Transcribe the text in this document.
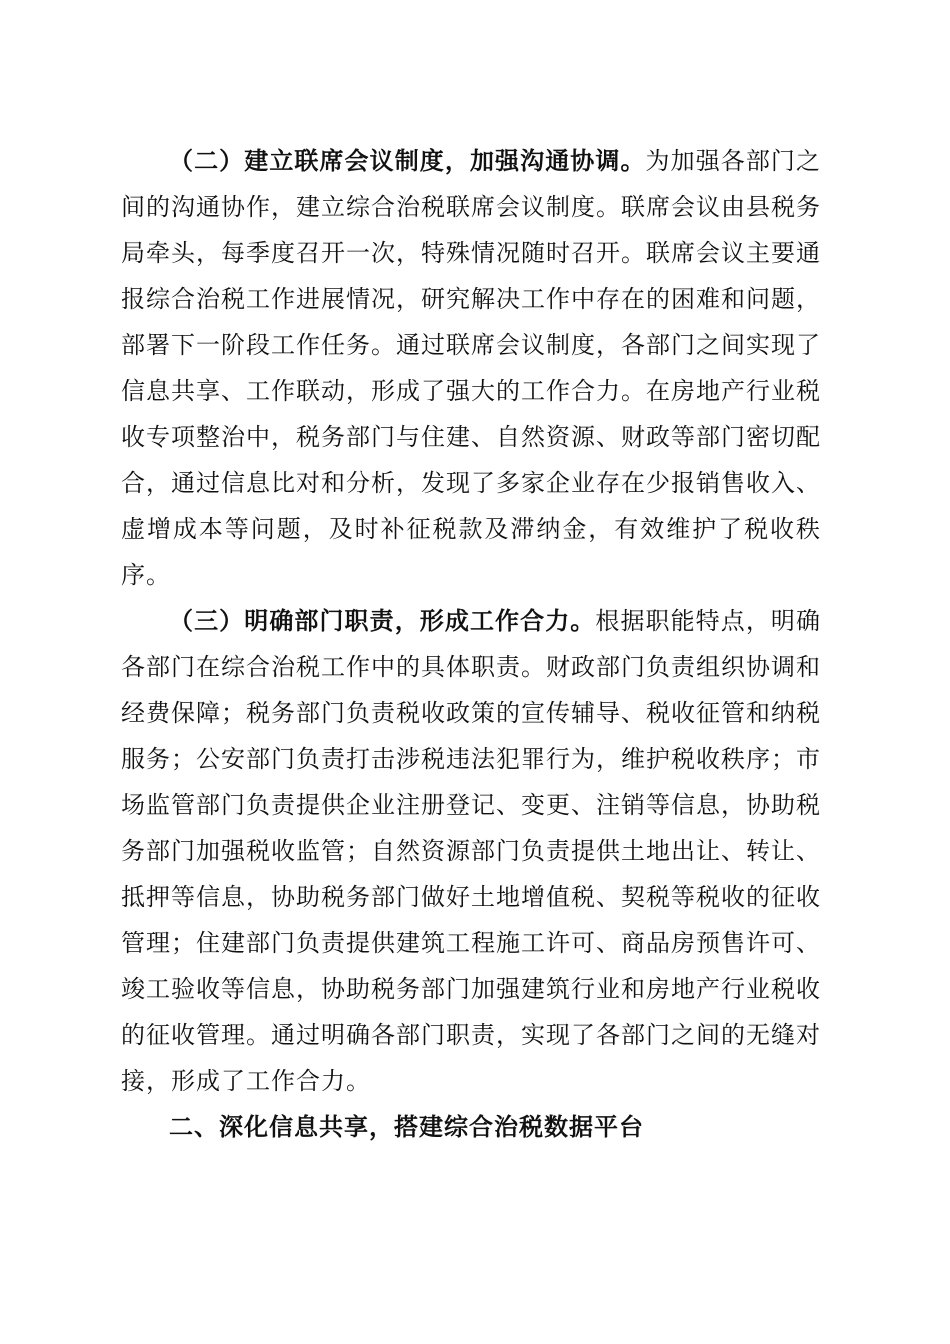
（二）建立联席会议制度，加强沟通协调。为加强各部门之间的沟通协作，建立综合治税联席会议制度。联席会议由县税务局牵头，每季度召开一次，特殊情况随时召开。联席会议主要通报综合治税工作进展情况，研究解决工作中存在的困难和问题，部署下一阶段工作任务。通过联席会议制度，各部门之间实现了信息共享、工作联动，形成了强大的工作合力。在房地产行业税收专项整治中，税务部门与住建、自然资源、财政等部门密切配合，通过信息比对和分析，发现了多家企业存在少报销售收入、虚增成本等问题，及时补征税款及滞纳金，有效维护了税收秩序。

（三）明确部门职责，形成工作合力。根据职能特点，明确各部门在综合治税工作中的具体职责。财政部门负责组织协调和经费保障；税务部门负责税收政策的宣传辅导、税收征管和纳税服务；公安部门负责打击涉税违法犯罪行为，维护税收秩序；市场监管部门负责提供企业注册登记、变更、注销等信息，协助税务部门加强税收监管；自然资源部门负责提供土地出让、转让、抵押等信息，协助税务部门做好土地增值税、契税等税收的征收管理；住建部门负责提供建筑工程施工许可、商品房预售许可、竣工验收等信息，协助税务部门加强建筑行业和房地产行业税收的征收管理。通过明确各部门职责，实现了各部门之间的无缝对接，形成了工作合力。

二、深化信息共享，搭建综合治税数据平台
